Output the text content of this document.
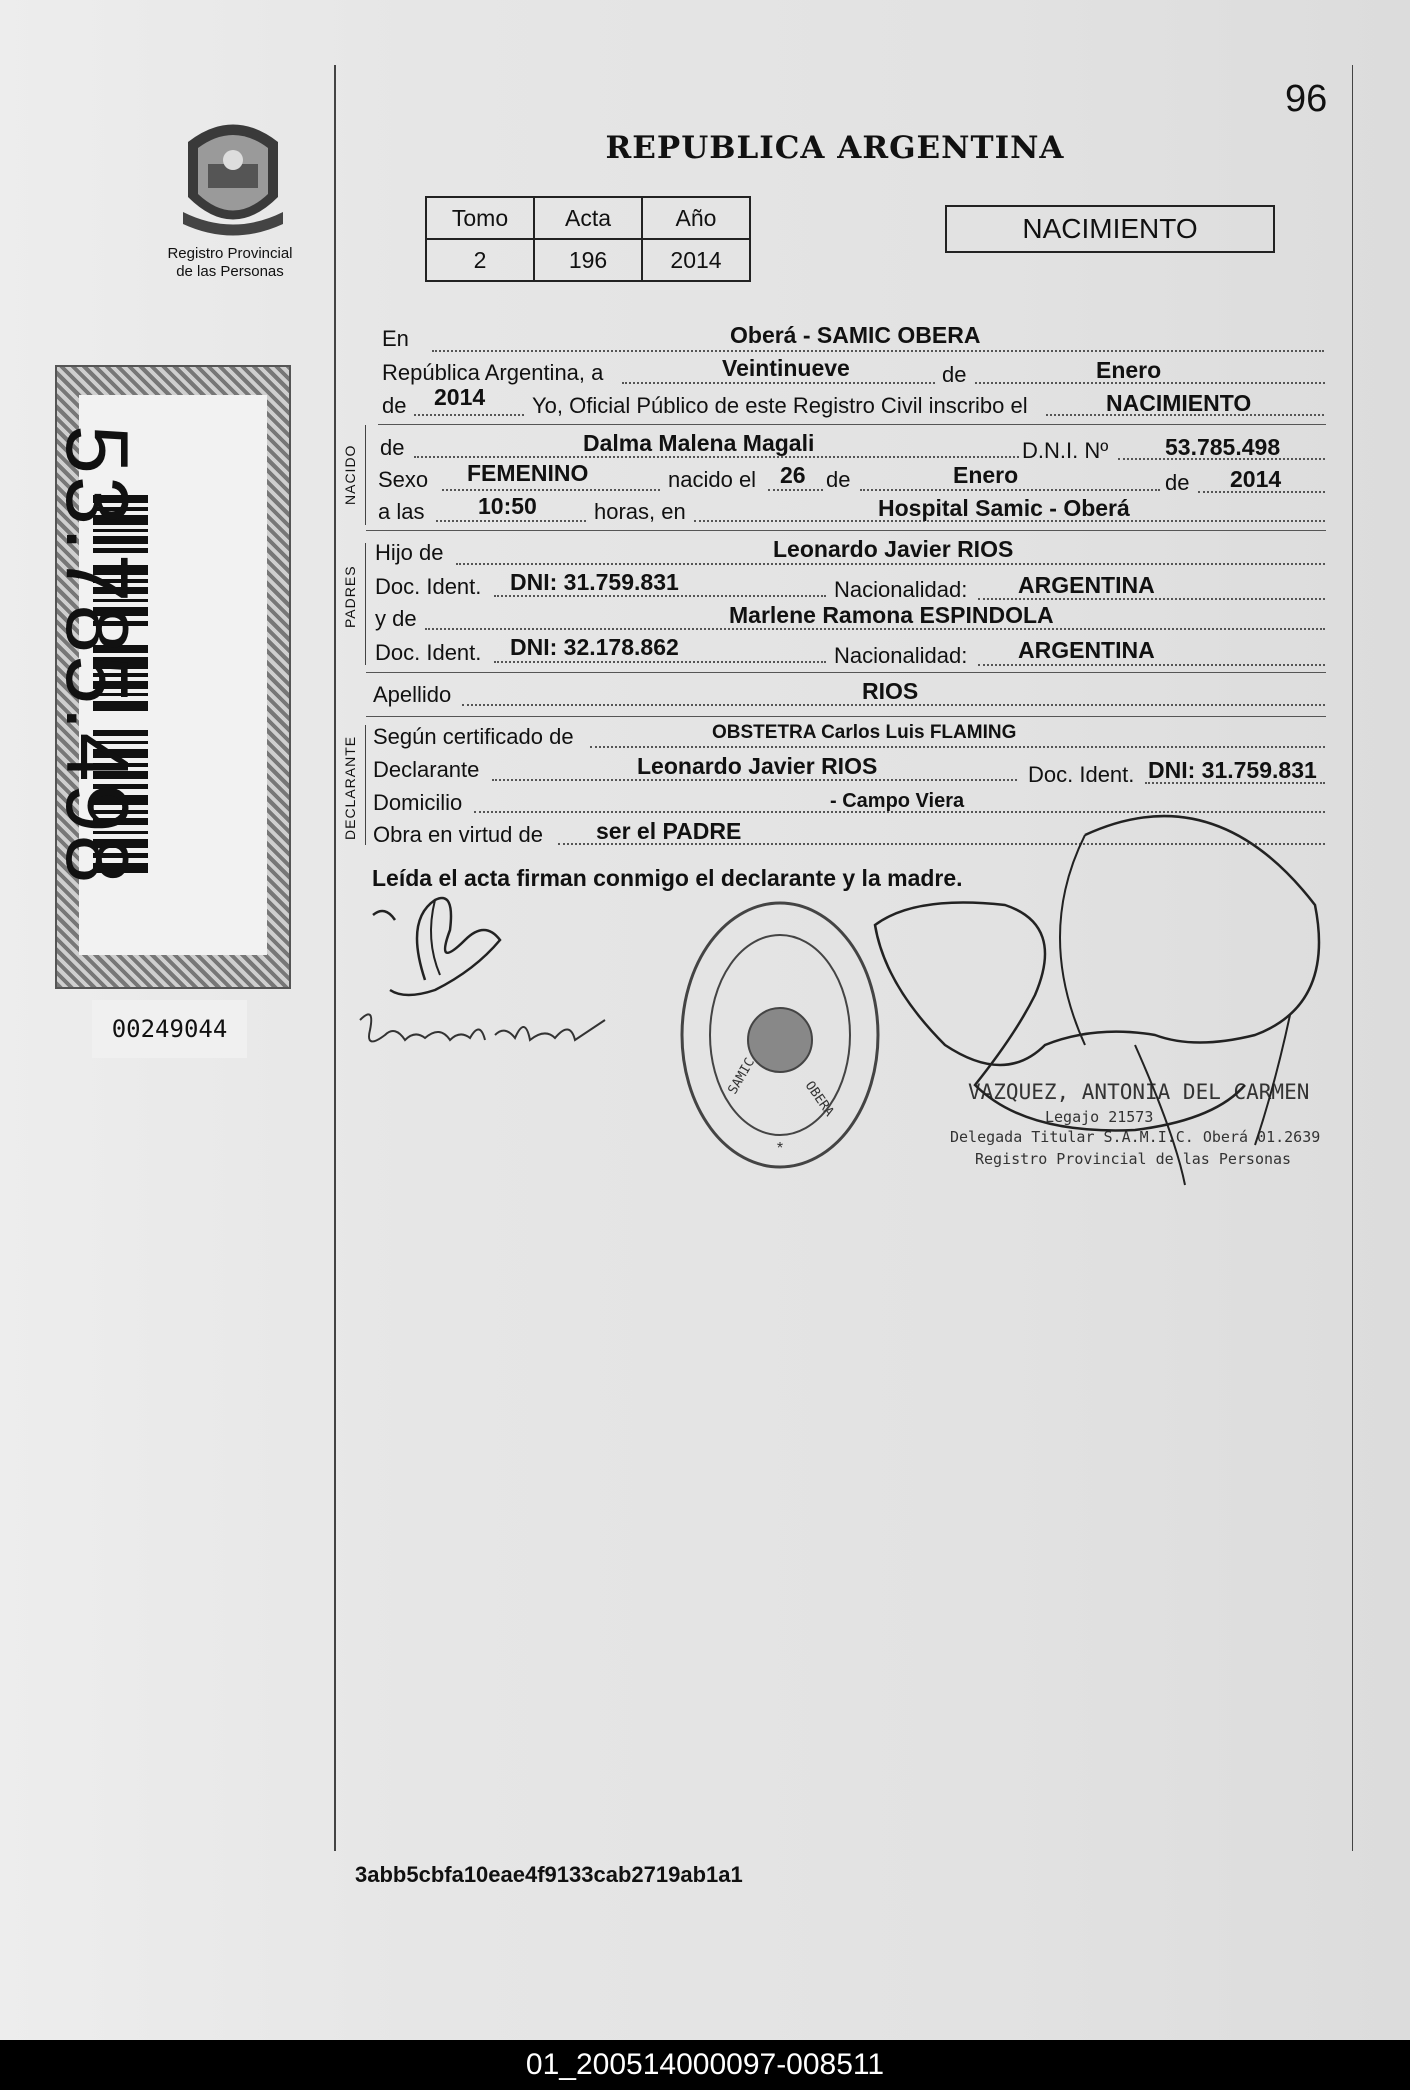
96
REPUBLICA ARGENTINA
Registro Provincial
de las Personas
Tomo	Acta	Año
2	196	2014
NACIMIENTO
53.785.498
00249044
NACIDO
PADRES
DECLARANTE
En	Oberá - SAMIC OBERA
República Argentina, a	Veintinueve	de	Enero
de 2014 Yo, Oficial Público de este Registro Civil inscribo el	NACIMIENTO
de	Dalma Malena Magali	D.N.I. Nº 53.785.498
Sexo FEMENINO	nacido el 26 de	Enero	de 2014
a las 10:50	horas, en	Hospital Samic - Oberá
Hijo de	Leonardo Javier RIOS
Doc. Ident. DNI: 31.759.831	Nacionalidad: ARGENTINA
y de	Marlene Ramona ESPINDOLA
Doc. Ident. DNI: 32.178.862	Nacionalidad: ARGENTINA
Apellido	RIOS
Según certificado de	OBSTETRA Carlos Luis FLAMING
Declarante	Leonardo Javier RIOS	Doc. Ident. DNI: 31.759.831
Domicilio	- Campo Viera
Obra en virtud de ser el PADRE
Leída el acta firman conmigo el declarante y la madre.
SAMIC
OBERA
*
VAZQUEZ, ANTONIA DEL CARMEN
Legajo 21573
Delegada Titular S.A.M.I.C. Oberá 01.2639
Registro Provincial de las Personas
3abb5cbfa10eae4f9133cab2719ab1a1
01_200514000097-008511
